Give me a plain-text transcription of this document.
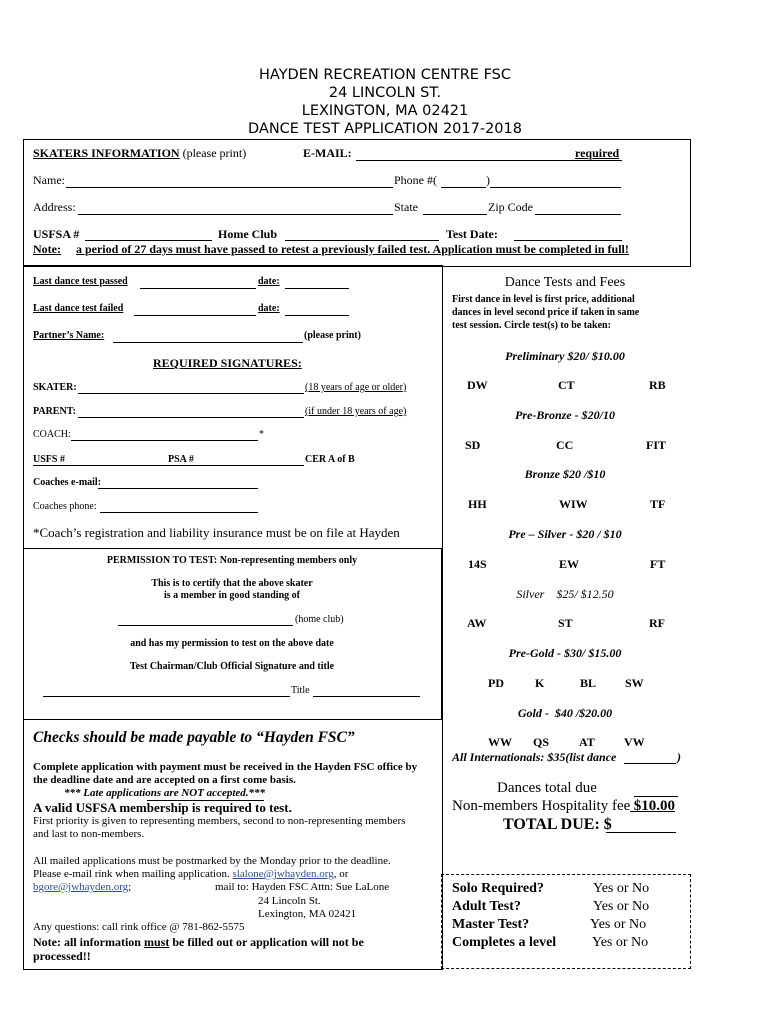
HAYDEN RECREATION CENTRE FSC
24 LINCOLN ST.
LEXINGTON, MA 02421
DANCE TEST APPLICATION 2017-2018
SKATERS INFORMATION (please print)	E-MAIL:	required
Name:	Phone #(	)
Address:	State	Zip Code
USFSA #	Home Club	Test Date:
Note: a period of 27 days must have passed to retest a previously failed test. Application must be completed in full!
Last dance test passed	date:
Last dance test failed	date:
Partner’s Name:	(please print)
REQUIRED SIGNATURES:
SKATER:	(18 years of age or older)
PARENT:	(if under 18 years of age)
COACH:	*
USFS #	PSA #	CER A of B
Coaches e-mail:
Coaches phone:
*Coach’s registration and liability insurance must be on file at Hayden
PERMISSION TO TEST: Non-representing members only
This is to certify that the above skater
is a member in good standing of
(home club)
and has my permission to test on the above date
Test Chairman/Club Official Signature and title
Title
Checks should be made payable to “Hayden FSC”
Complete application with payment must be received in the Hayden FSC office by
the deadline date and are accepted on a first come basis.
*** Late applications are NOT accepted.***
A valid USFSA membership is required to test.
First priority is given to representing members, second to non-representing members
and last to non-members.
All mailed applications must be postmarked by the Monday prior to the deadline.
Please e-mail rink when mailing application. slalone@jwhayden.org, or
bgore@jwhayden.org;	mail to: Hayden FSC Attn: Sue LaLone
24 Lincoln St.
Lexington, MA 02421
Any questions: call rink office @ 781-862-5575
Note: all information must be filled out or application will not be
processed!!
Dance Tests and Fees
First dance in level is first price, additional
dances in level second price if taken in same
test session. Circle test(s) to be taken:
Preliminary $20/ $10.00
DW	CT	RB
Pre-Bronze - $20/10
SD	CC	FIT
Bronze $20 /$10
HH	WIW	TF
Pre – Silver - $20 / $10
14S	EW	FT
Silver    $25/ $12.50
AW	ST	RF
Pre-Gold - $30/ $15.00
PD	K	BL SW
Gold -  $40 /$20.00
WW QS AT VW
All Internationals: $35(list dance	)
Dances total due
Non-members Hospitality fee $10.00
TOTAL DUE: $
Solo Required?	Yes or No
Adult Test?	Yes or No
Master Test?	Yes or No
Completes a level	Yes or No
